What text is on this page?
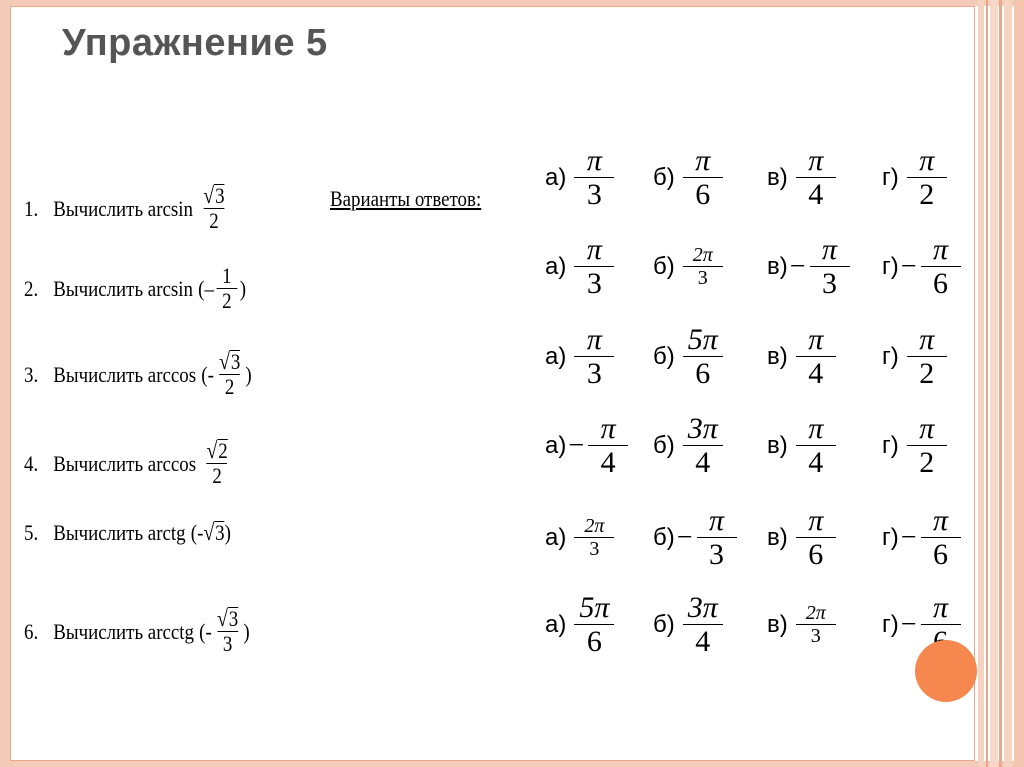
Упражнение 5
Варианты ответов:
1. Вычислить $\arcsin \frac{√ 3}{2}$
2. Вычислить arcsin ( – $\frac{1}{2}$ )
3. Вычислить arccos ( - $\frac{√ 3}{2}$ )
4. Вычислить $\arccos \frac{√ 2}{2}$
5. Вычислить arctg ( - √ 3 )
6. Вычислить arcctg ( - $\frac{√ 3}{3}$ )
$а) \frac{\pi}{3} б) \frac{\pi}{6} в) \frac{\pi}{4} г) \frac{\pi}{2}$
$а) \frac{\pi}{3} б) \frac{2\pi}{3} в) - \frac{\pi}{3} г) - \frac{\pi}{6}$
$а) \frac{\pi}{3} б) \frac{5\pi}{6} в) \frac{\pi}{4} г) \frac{\pi}{2}$
$а) - \frac{\pi}{4} б) \frac{3\pi}{4} в) \frac{\pi}{4} г) \frac{\pi}{2}$
$а) \frac{2\pi}{3} б) - \frac{\pi}{3} в) \frac{\pi}{6} г) - \frac{\pi}{6}$
$а) \frac{5\pi}{6} б) \frac{3\pi}{4} в) \frac{2\pi}{3} г$) −
π
